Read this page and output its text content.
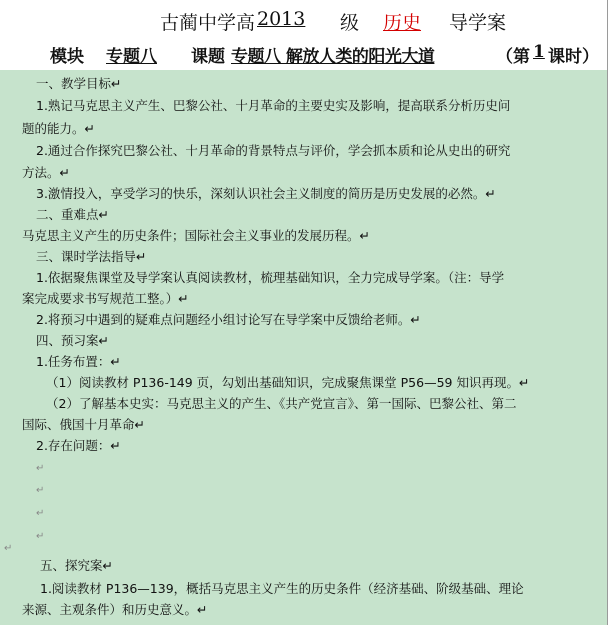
古蔺中学高 2013 级 历史 导学案
模块 专题八 课题 专题八 解放人类的阳光大道	（第 1 课时）
一、教学目标↵
1.熟记马克思主义产生、巴黎公社、十月革命的主要史实及影响，提高联系分析历史问
题的能力。↵
2.通过合作探究巴黎公社、十月革命的背景特点与评价，学会抓本质和论从史出的研究
方法。↵
3.激情投入，享受学习的快乐，深刻认识社会主义制度的简历是历史发展的必然。↵
二、重难点↵
马克思主义产生的历史条件；国际社会主义事业的发展历程。↵
三、课时学法指导↵
1.依据聚焦课堂及导学案认真阅读教材，梳理基础知识，全力完成导学案。（注：导学
案完成要求书写规范工整。）↵
2.将预习中遇到的疑难点问题经小组讨论写在导学案中反馈给老师。↵
四、预习案↵
1.任务布置：↵
（1）阅读教材 P136-149 页，勾划出基础知识，完成聚焦课堂 P56—59 知识再现。↵
（2）了解基本史实：马克思主义的产生、《共产党宣言》、第一国际、巴黎公社、第二
国际、俄国十月革命↵
2.存在问题：↵
↵
↵
↵
↵
↵
五、探究案↵
1.阅读教材 P136—139，概括马克思主义产生的历史条件（经济基础、阶级基础、理论
来源、主观条件）和历史意义。↵
